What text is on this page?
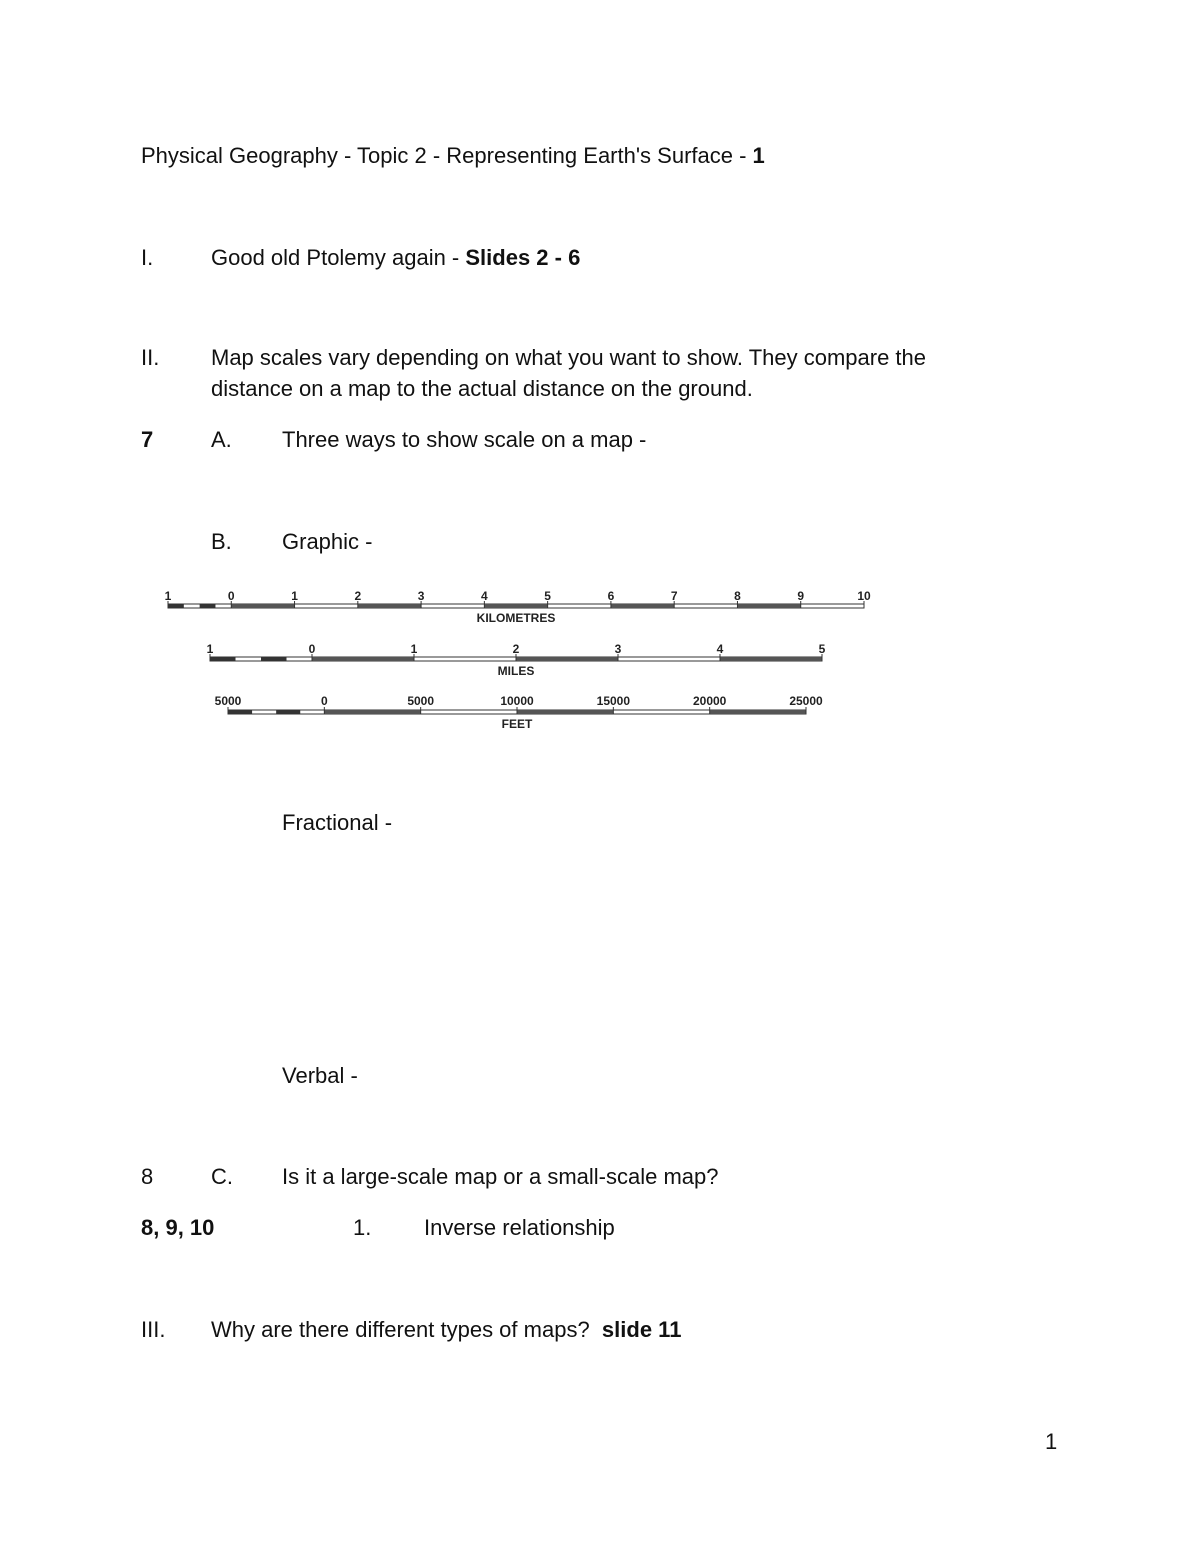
Physical Geography - Topic 2 - Representing Earth's Surface - 1
I.	Good old Ptolemy again - Slides 2 - 6
II. Map scales vary depending on what you want to show. They compare the
distance on a map to the actual distance on the ground.
7	A. Three ways to show scale on a map -
B. Graphic -
1	0	1	2	3	4	5	6	7	8	9	10
KILOMETRES
1	0	1	2	3	4	5
MILES
5000	0	5000	10000	15000	20000	25000
FEET
Fractional -
Verbal -
8	C. Is it a large-scale map or a small-scale map?
8, 9, 10	1. Inverse relationship
III. Why are there different types of maps? slide 11
1
